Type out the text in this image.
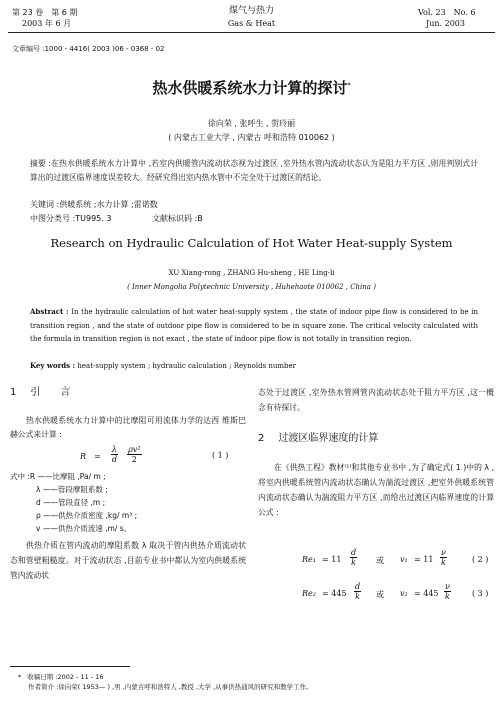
第 23 卷　第 6 期
2003 年 6 月
煤气与热力
Gas & Heat
Vol. 23　No. 6
Jun. 2003
文章编号 :1000 - 4416( 2003 )06 - 0368 - 02
热水供暖系统水力计算的探讨*
徐向荣 , 张呼生 , 贺玲丽
( 内蒙古工业大学 , 内蒙古 呼和浩特 010062 )
摘要 :在热水供暖系统水力计算中 ,若室内供暖管内流动状态视为过渡区 ,室外热水管内流动状态认为是阻力平方区 ,则用判别式计算出的过渡区临界速度误差较大。经研究得出室内热水管中不完全处于过渡区的结论。
关键词 :供暖系统 ;水力计算 ;雷诺数
中图分类号 :TU995. 3	文献标识码 :B
Research on Hydraulic Calculation of Hot Water Heat-supply System
XU Xiang-rong , ZHANG Hu-sheng , HE Ling-li
( Inner Mongolia Polytechnic University , Huhehaote 010062 , China )
Abstract : In the hydraulic calculation of hot water heat-supply system , the state of indoor pipe flow is considered to be in transition region , and the state of outdoor pipe flow is considered to be in square zone. The critical velocity calculated with the formula in transition region is not exact , the state of indoor pipe flow is not totally in transition region.
Key words : heat-supply system ; hydraulic calculation ; Reynolds number
1 引　　言
热水供暖系统水力计算中的比摩阻可用流体力学的达西 维斯巴赫公式来计算 :
$R = \frac{\lambda}{d}$
$\frac{\text{ρv²}}{2}$	( 1 )
式中 :R ——比摩阻 ,Pa/ m ;
λ ——管段摩阻系数 ;
d ——管段直径 ,m ;
ρ ——供热介质密度 ,kg/ m³ ;
v ——供热介质流速 ,m/ s。
供热介质在管内流动的摩阻系数 λ 取决于管内供热介质流动状态和管壁粗糙度。对于流动状态 ,目前专业书中都认为室内供暖系统管内流动状
态处于过渡区 ,室外热水管网管内流动状态处于阻力平方区 ,这一概念有待探讨。
2 过渡区临界速度的计算
在《供热工程》教材⁽¹⁾和其他专业书中 ,为了确定式( 1 )中的 λ ,将室内供暖系统管内流动状态确认为湍流过渡区 ,把室外供暖系统管内流动状态确认为湍流阻力平方区 ,而给出过渡区内临界速度的计算公式 :
$Re_1 = 11 \frac{d}{k}$ 或 $v_1 = 11 \frac{\nu}{k}$	( 2 )
$Re_2 = 445 \frac{d}{k}$ 或 $v_2 = 445 \frac{\nu}{k}$	( 3 )
* 收稿日期 :2002 - 11 - 16
作者简介 :徐向荣( 1953— ) ,男 ,内蒙古呼和浩特人 ,教授 ,大学 ,从事供热通风的研究和教学工作。
